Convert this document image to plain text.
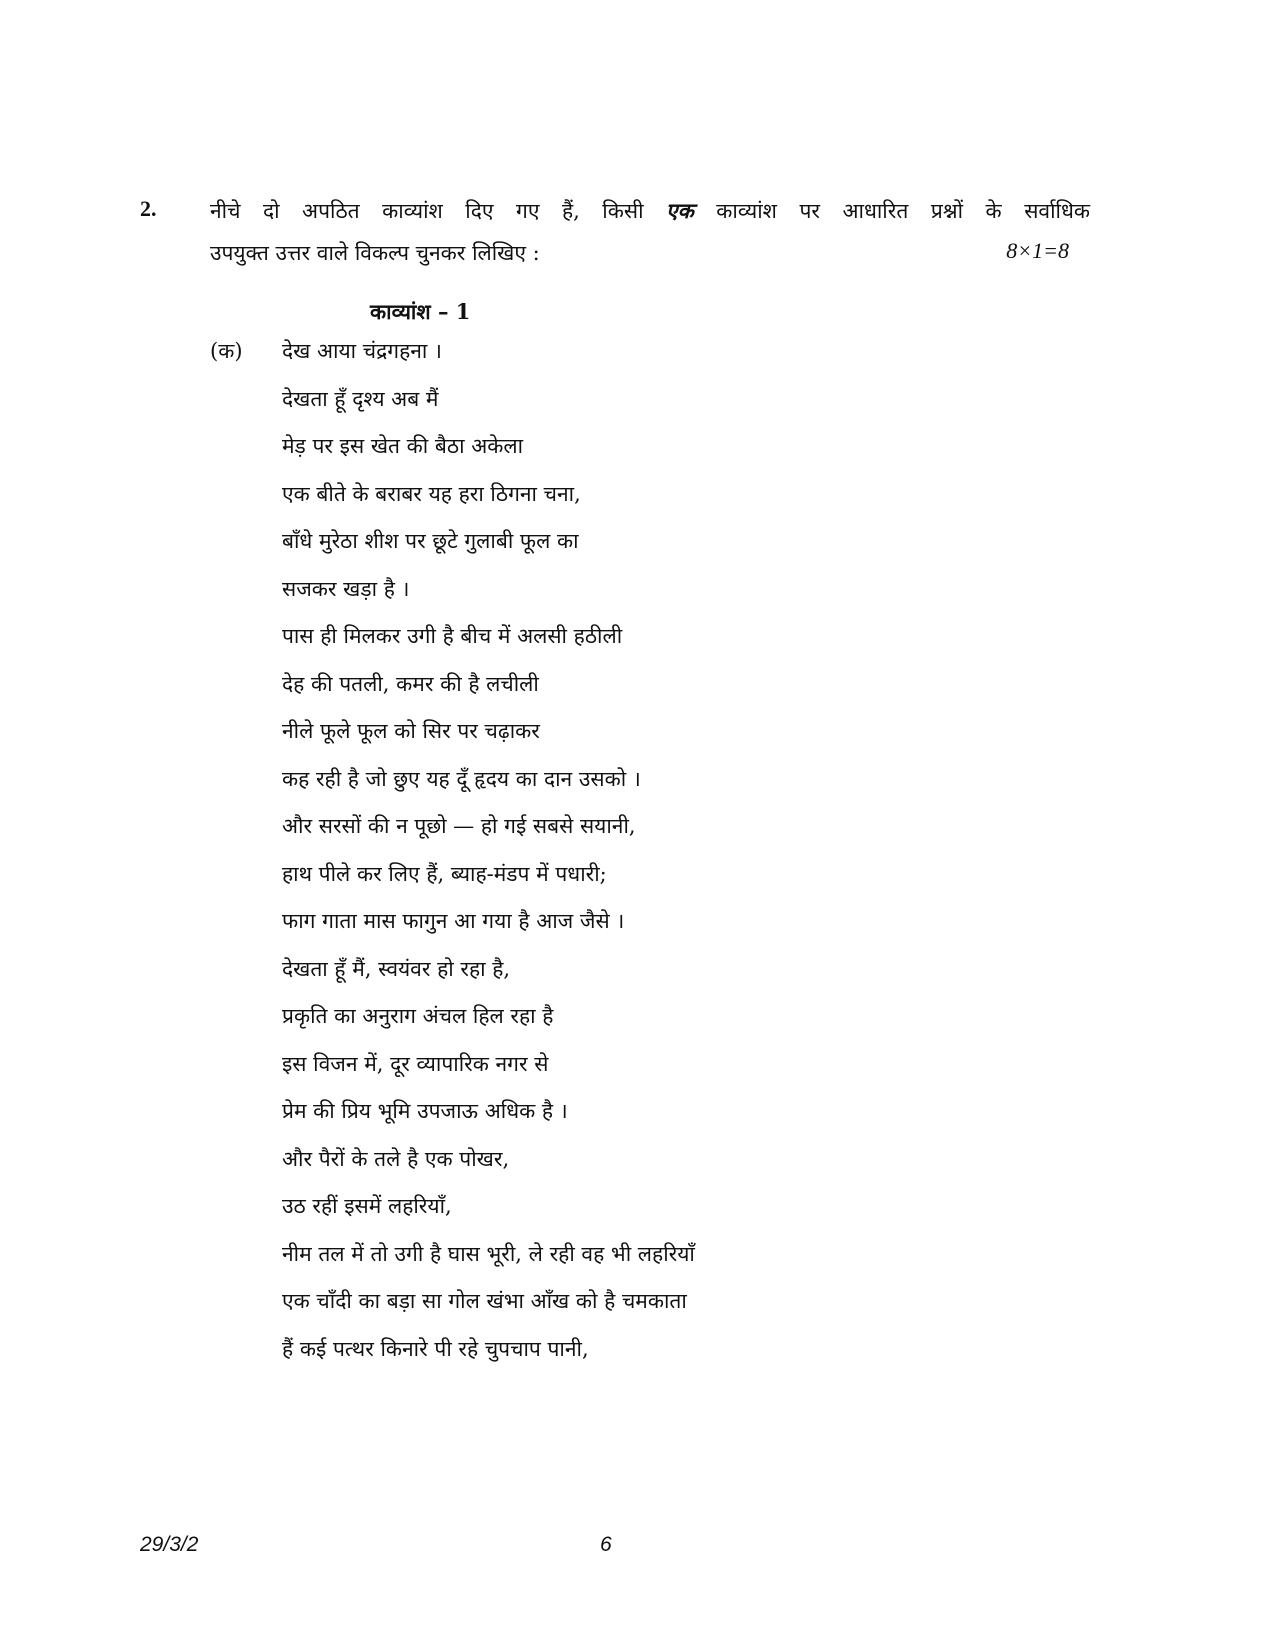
2.	नीचे दो अपठित काव्यांश दिए गए हैं, किसी एक काव्यांश पर आधारित प्रश्नों के सर्वाधिक
उपयुक्त उत्तर वाले विकल्प चुनकर लिखिए :	8×1=8
काव्यांश – 1
(क) देख आया चंद्रगहना ।
देखता हूँ दृश्य अब मैं
मेड़ पर इस खेत की बैठा अकेला
एक बीते के बराबर यह हरा ठिगना चना,
बाँधे मुरेठा शीश पर छूटे गुलाबी फूल का
सजकर खड़ा है ।
पास ही मिलकर उगी है बीच में अलसी हठीली
देह की पतली, कमर की है लचीली
नीले फूले फूल को सिर पर चढ़ाकर
कह रही है जो छुए यह दूँ हृदय का दान उसको ।
और सरसों की न पूछो — हो गई सबसे सयानी,
हाथ पीले कर लिए हैं, ब्याह-मंडप में पधारी;
फाग गाता मास फागुन आ गया है आज जैसे ।
देखता हूँ मैं, स्वयंवर हो रहा है,
प्रकृति का अनुराग अंचल हिल रहा है
इस विजन में, दूर व्यापारिक नगर से
प्रेम की प्रिय भूमि उपजाऊ अधिक है ।
और पैरों के तले है एक पोखर,
उठ रहीं इसमें लहरियाँ,
नीम तल में तो उगी है घास भूरी, ले रही वह भी लहरियाँ
एक चाँदी का बड़ा सा गोल खंभा आँख को है चमकाता
हैं कई पत्थर किनारे पी रहे चुपचाप पानी,
29/3/2	6
